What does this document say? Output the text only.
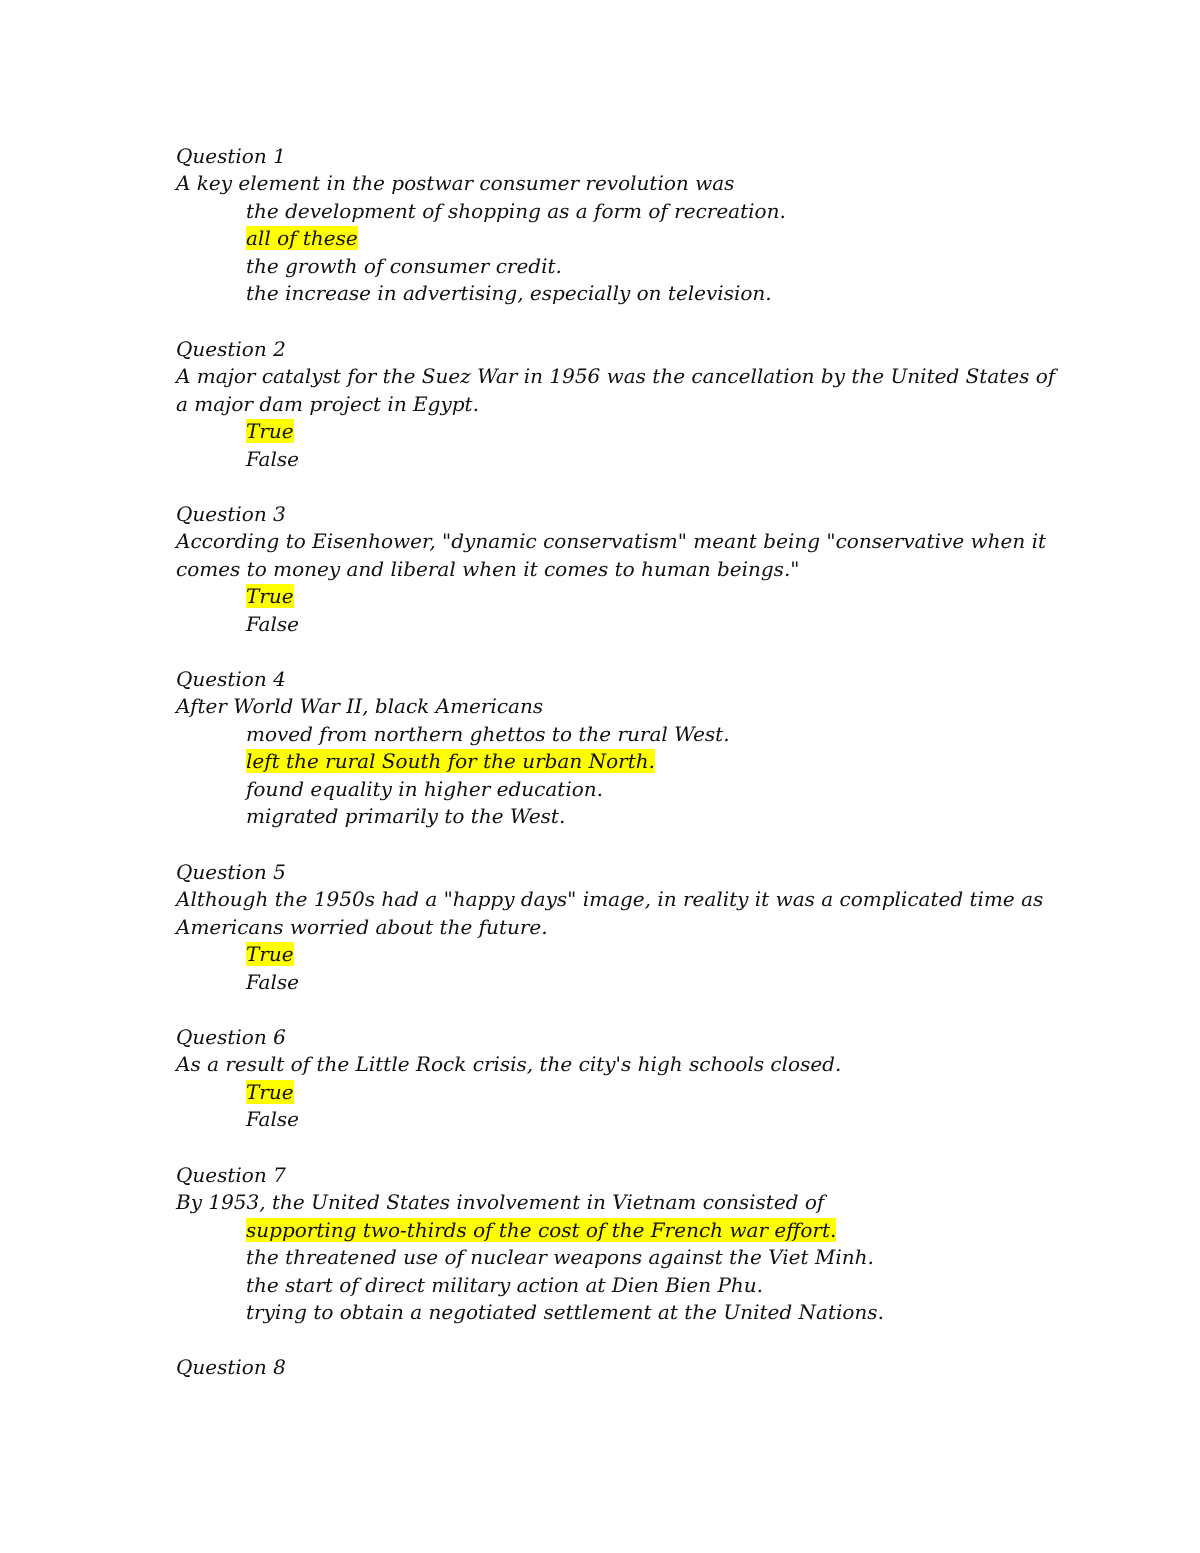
Question 1
A key element in the postwar consumer revolution was
the development of shopping as a form of recreation.
all of these
the growth of consumer credit.
the increase in advertising, especially on television.
Question 2
A major catalyst for the Suez War in 1956 was the cancellation by the United States of
a major dam project in Egypt.
True
False
Question 3
According to Eisenhower, "dynamic conservatism" meant being "conservative when it
comes to money and liberal when it comes to human beings."
True
False
Question 4
After World War II, black Americans
moved from northern ghettos to the rural West.
left the rural South for the urban North.
found equality in higher education.
migrated primarily to the West.
Question 5
Although the 1950s had a "happy days" image, in reality it was a complicated time as
Americans worried about the future.
True
False
Question 6
As a result of the Little Rock crisis, the city's high schools closed.
True
False
Question 7
By 1953, the United States involvement in Vietnam consisted of
supporting two-thirds of the cost of the French war effort.
the threatened use of nuclear weapons against the Viet Minh.
the start of direct military action at Dien Bien Phu.
trying to obtain a negotiated settlement at the United Nations.
Question 8
